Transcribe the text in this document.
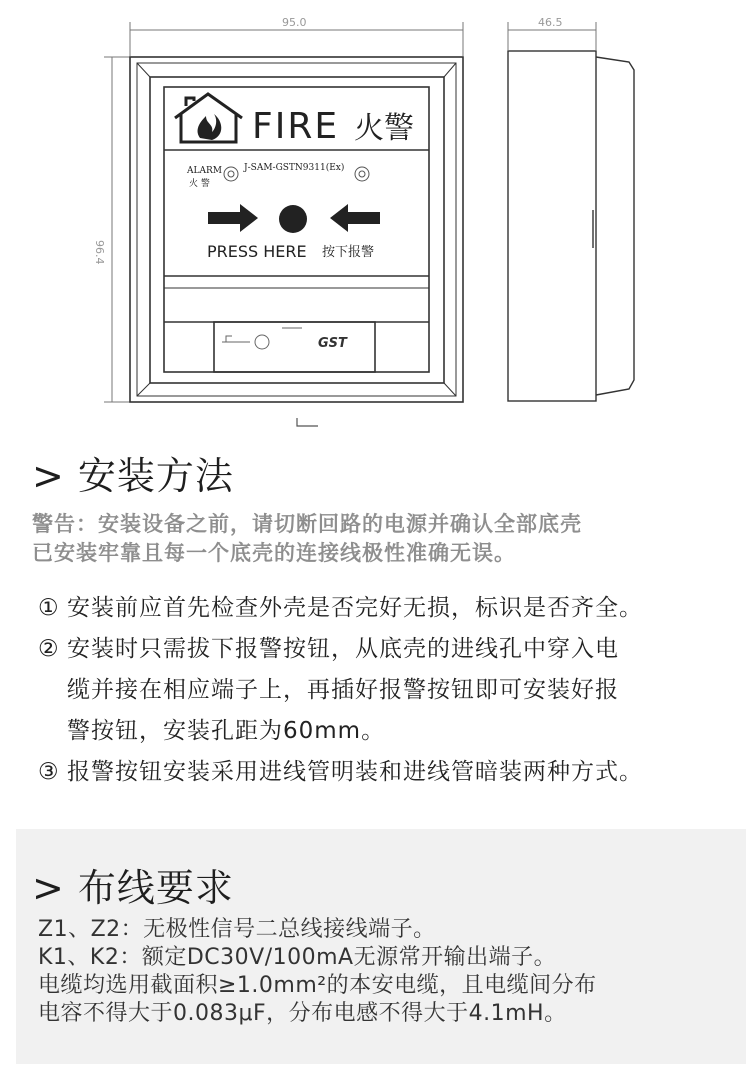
95.0
96.4
46.5
FIRE 火警
ALARM
火 警
J-SAM-GSTN9311(Ex)
PRESS HERE 按下报警
GST
> 安装方法
警告：安装设备之前，请切断回路的电源并确认全部底壳
已安装牢靠且每一个底壳的连接线极性准确无误。
① 安装前应首先检查外壳是否完好无损，标识是否齐全。
② 安装时只需拔下报警按钮，从底壳的进线孔中穿入电
缆并接在相应端子上，再插好报警按钮即可安装好报
警按钮，安装孔距为60mm。
③ 报警按钮安装采用进线管明装和进线管暗装两种方式。
> 布线要求
Z1、Z2：无极性信号二总线接线端子。
K1、K2：额定DC30V/100mA无源常开输出端子。
电缆均选用截面积≥1.0mm²的本安电缆，且电缆间分布
电容不得大于0.083μF，分布电感不得大于4.1mH。
